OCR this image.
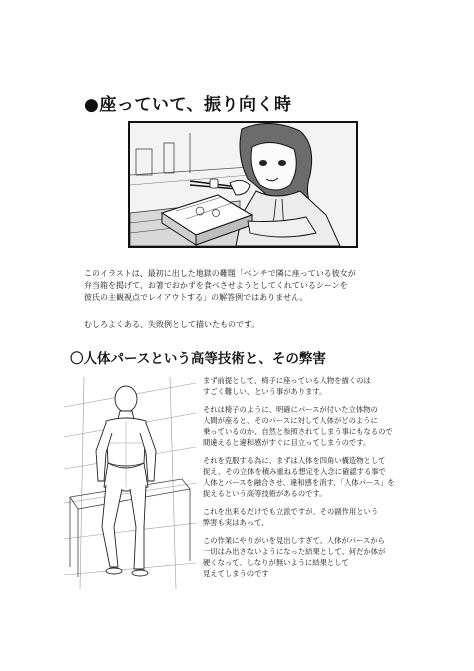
●座っていて、振り向く時

このイラストは、最初に出した地獄の難題「ベンチで隣に座っている彼女が
弁当箱を掲げて、お箸でおかずを食べさせようとしてくれているシーンを
彼氏の主観視点でレイアウトする」の解答例ではありません。

むしろよくある、失敗例として描いたものです。

〇人体パースという高等技術と、その弊害

まず前提として、椅子に座っている人物を描くのは
すごく難しい、という事があります。

それは椅子のように、明確にパースが付いた立体物の
人間が座ると、そのパースに対して人体がどのように
乗っているのか、自然と参照されてしまう事にもなるので
間違えると違和感がすぐに目立ってしまうのです。

それを克服する為に、まずは人体を四角い構造物として
捉え、その立体を積み重ねる想定を入念に確認する事で
人体とパースを融合させ、違和感を消す、「人体パース」を
捉えるという高等技術があるのです。

これを出来るだけでも立派ですが、その副作用という
弊害も実はあって、

この作業にやりがいを見出しすぎて、人体がパースから
一切はみ出さないようになった結果として、何だか体が
硬くなって、しなりが無いように結果として
見えてしまうのです
